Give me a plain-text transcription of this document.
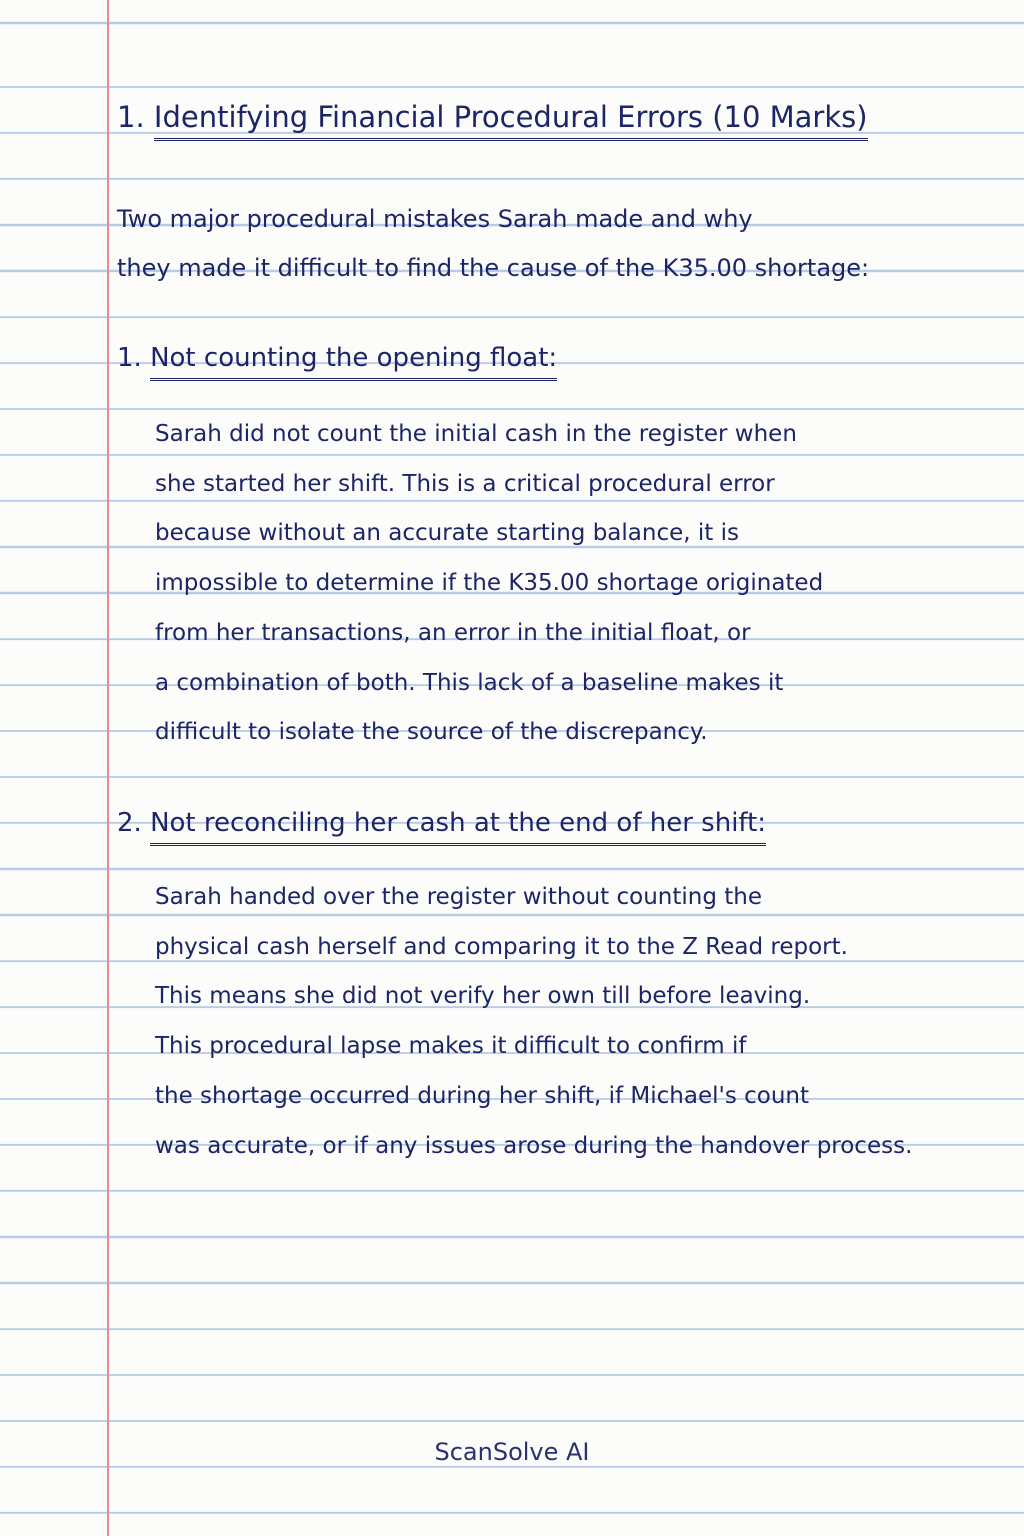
1. Identifying Financial Procedural Errors (10 Marks)
Two major procedural mistakes Sarah made and why
they made it difficult to find the cause of the K35.00 shortage:
1. Not counting the opening float:
Sarah did not count the initial cash in the register when
she started her shift. This is a critical procedural error
because without an accurate starting balance, it is
impossible to determine if the K35.00 shortage originated
from her transactions, an error in the initial float, or
a combination of both. This lack of a baseline makes it
difficult to isolate the source of the discrepancy.
2. Not reconciling her cash at the end of her shift:
Sarah handed over the register without counting the
physical cash herself and comparing it to the Z Read report.
This means she did not verify her own till before leaving.
This procedural lapse makes it difficult to confirm if
the shortage occurred during her shift, if Michael's count
was accurate, or if any issues arose during the handover process.
ScanSolve AI
